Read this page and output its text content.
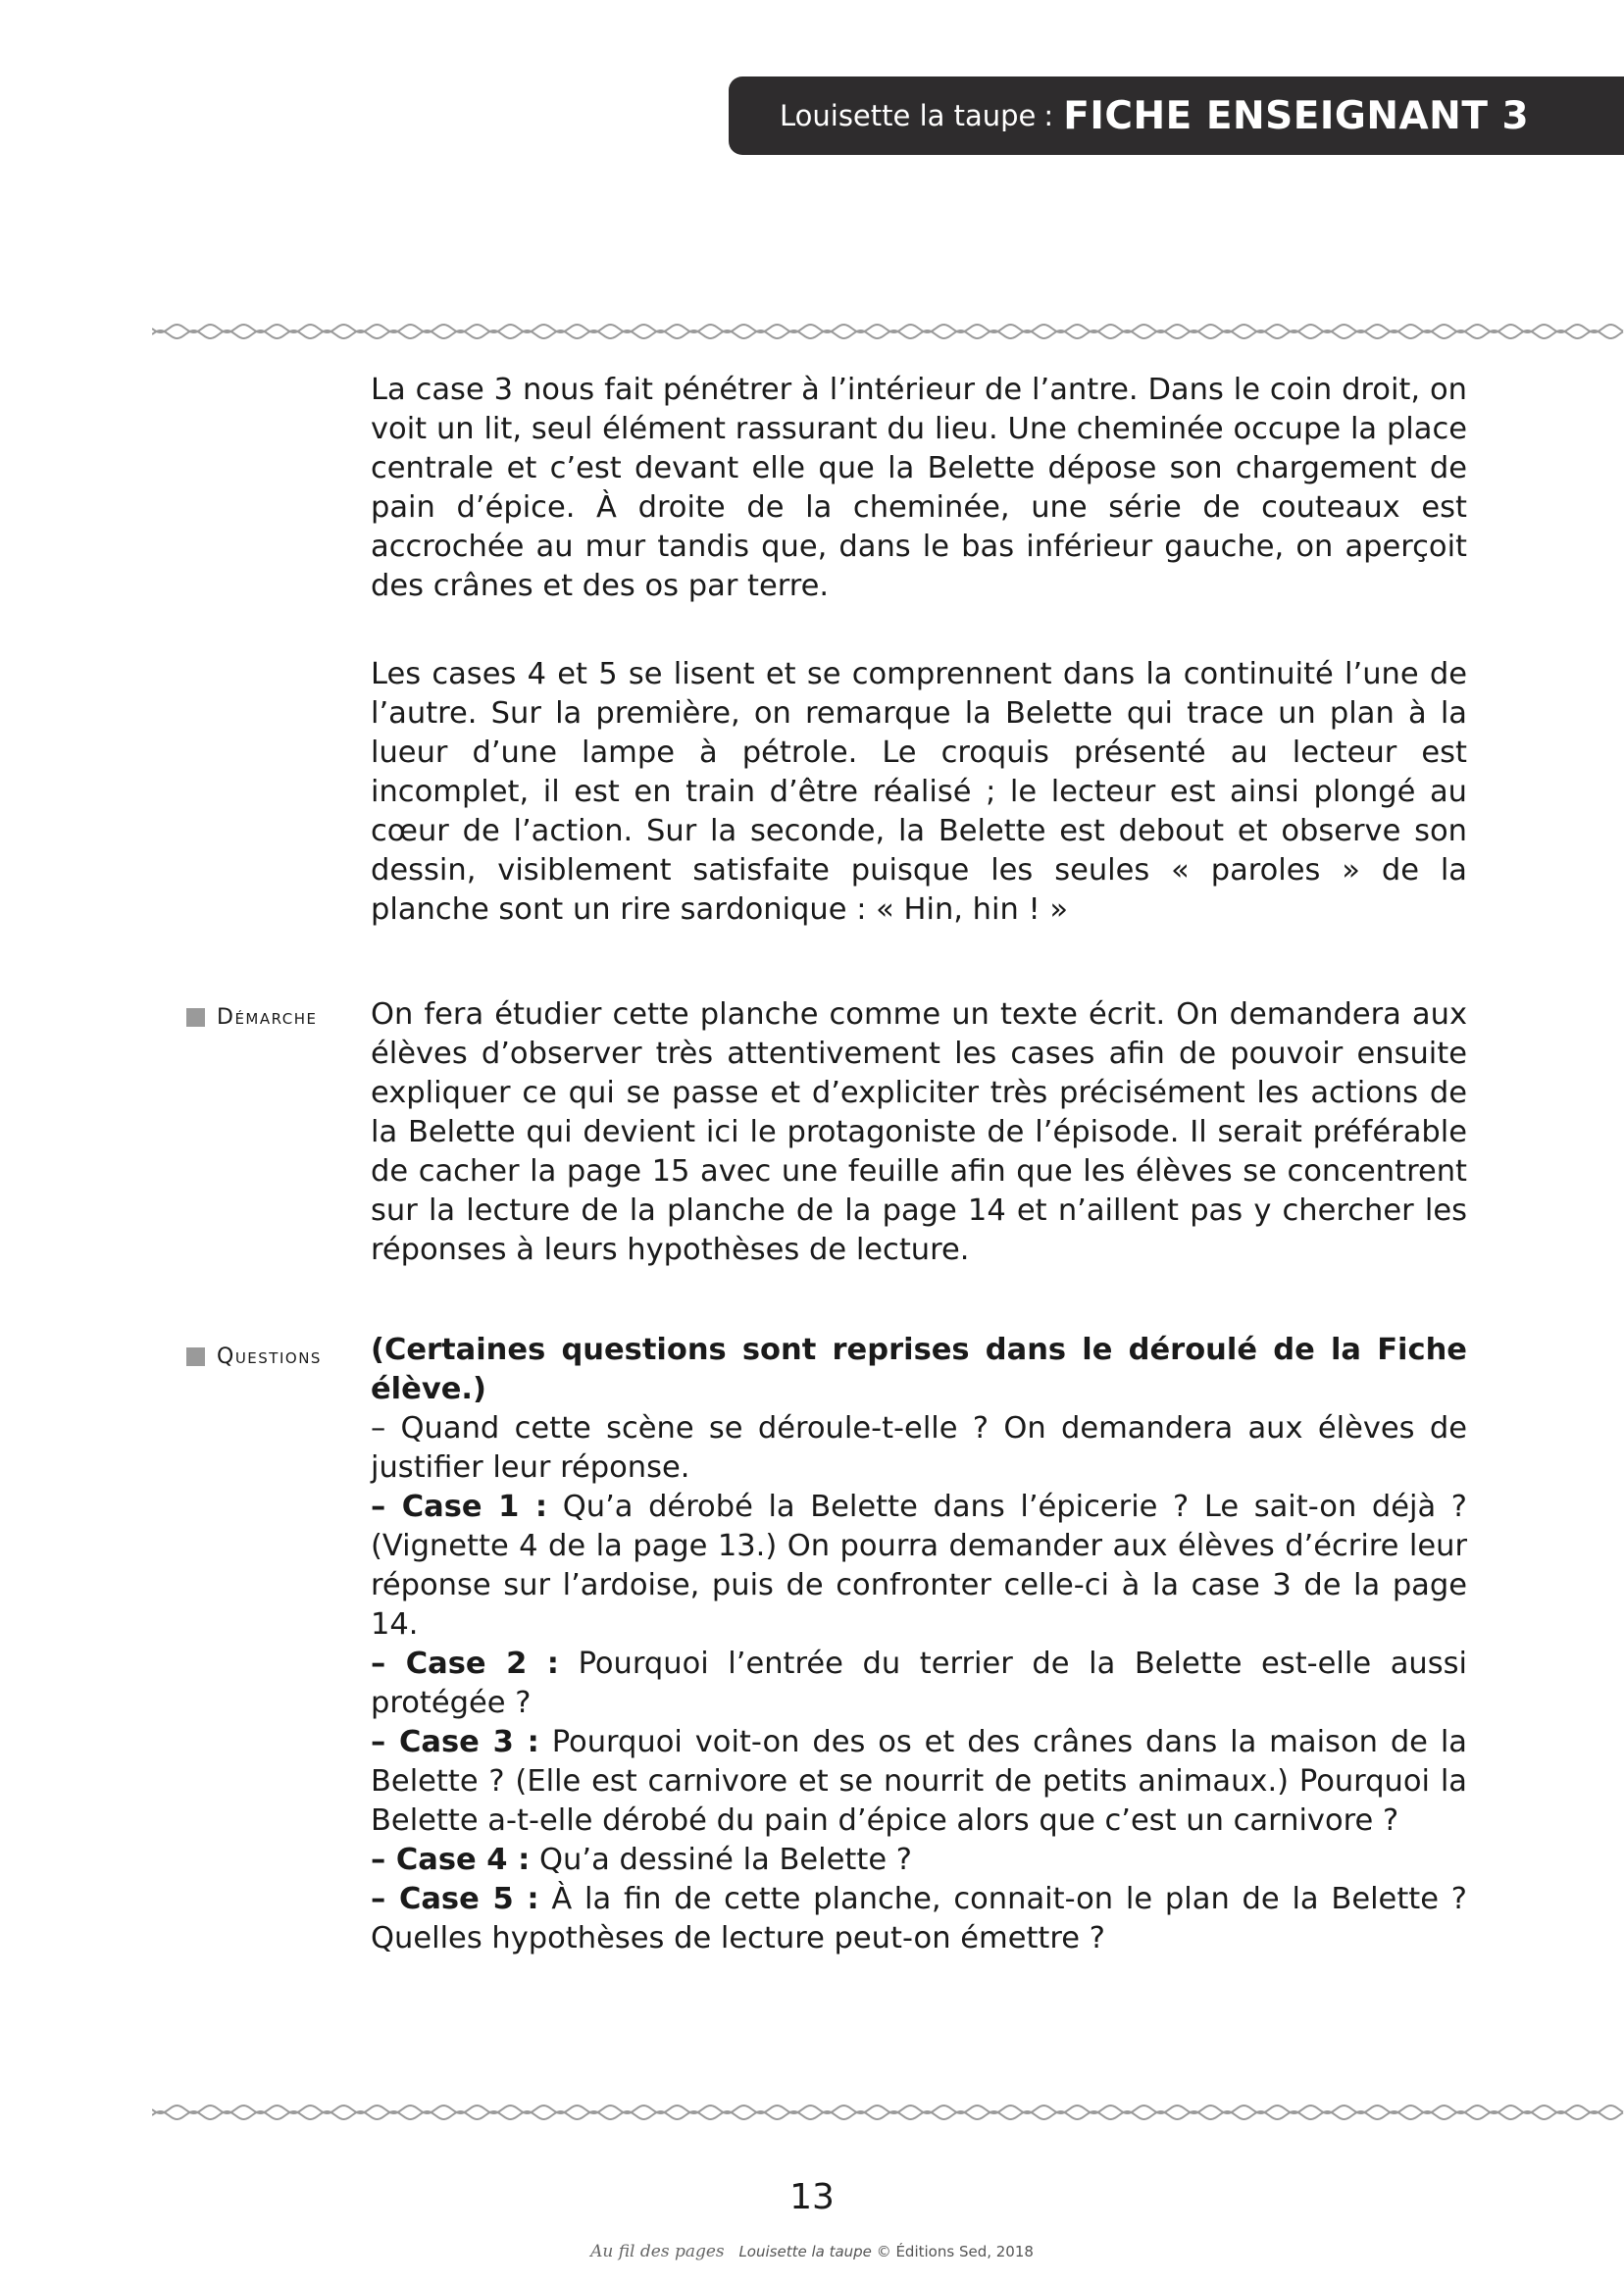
Louisette la taupe : FICHE ENSEIGNANT 3

La case 3 nous fait pénétrer à l’intérieur de l’antre. Dans le coin droit, on voit un lit, seul élément rassurant du lieu. Une cheminée occupe la place centrale et c’est devant elle que la Belette dépose son chargement de pain d’épice. À droite de la cheminée, une série de couteaux est accrochée au mur tandis que, dans le bas inférieur gauche, on aperçoit des crânes et des os par terre.

Les cases 4 et 5 se lisent et se comprennent dans la continuité l’une de l’autre. Sur la première, on remarque la Belette qui trace un plan à la lueur d’une lampe à pétrole. Le croquis présenté au lecteur est incomplet, il est en train d’être réalisé ; le lecteur est ainsi plongé au cœur de l’action. Sur la seconde, la Belette est debout et observe son dessin, visiblement satisfaite puisque les seules « paroles » de la planche sont un rire sardonique : « Hin, hin ! »

Démarche On fera étudier cette planche comme un texte écrit. On demandera aux élèves d’observer très attentivement les cases afin de pouvoir ensuite expliquer ce qui se passe et d’expliciter très précisément les actions de la Belette qui devient ici le protagoniste de l’épisode. Il serait préférable de cacher la page 15 avec une feuille afin que les élèves se concentrent sur la lecture de la planche de la page 14 et n’aillent pas y chercher les réponses à leurs hypothèses de lecture.

Questions (Certaines questions sont reprises dans le déroulé de la Fiche élève.)
– Quand cette scène se déroule-t-elle ? On demandera aux élèves de justifier leur réponse.
– Case 1 : Qu’a dérobé la Belette dans l’épicerie ? Le sait-on déjà ? (Vignette 4 de la page 13.) On pourra demander aux élèves d’écrire leur réponse sur l’ardoise, puis de confronter celle-ci à la case 3 de la page 14.
– Case 2 : Pourquoi l’entrée du terrier de la Belette est-elle aussi protégée ?
– Case 3 : Pourquoi voit-on des os et des crânes dans la maison de la Belette ? (Elle est carnivore et se nourrit de petits animaux.) Pourquoi la Belette a-t-elle dérobé du pain d’épice alors que c’est un carnivore ?
– Case 4 : Qu’a dessiné la Belette ?
– Case 5 : À la fin de cette planche, connait-on le plan de la Belette ? Quelles hypothèses de lecture peut-on émettre ?
13
Au fil des pages Louisette la taupe © Éditions Sed, 2018
